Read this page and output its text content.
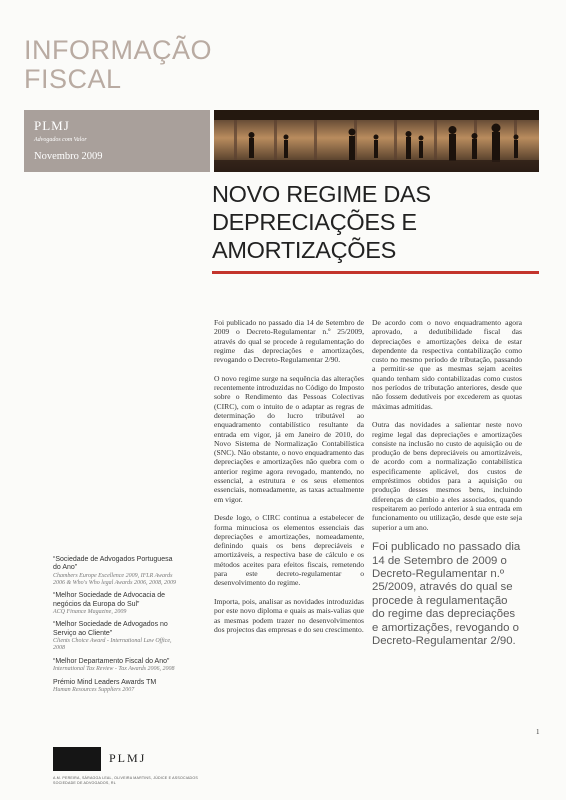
INFORMAÇÃO
FISCAL
PLMJ
Advogados com Valor
Novembro 2009
NOVO REGIME DAS
DEPRECIAÇÕES E
AMORTIZAÇÕES

Foi publicado no passado dia 14 de Setembro de 2009 o Decreto-Regulamentar n.º 25/2009, através do qual se procede à regulamentação do regime das depreciações e amortizações, revogando o Decreto-Regulamentar 2/90.

O novo regime surge na sequência das alterações recentemente introduzidas no Código do Imposto sobre o Rendimento das Pessoas Colectivas (CIRC), com o intuito de o adaptar as regras de determinação do lucro tributável ao enquadramento contabilístico resultante da entrada em vigor, já em Janeiro de 2010, do Novo Sistema de Normalização Contabilística (SNC). Não obstante, o novo enquadramento das depreciações e amortizações não quebra com o anterior regime agora revogado, mantendo, no essencial, a estrutura e os seus elementos essenciais, nomeadamente, as taxas actualmente em vigor.

Desde logo, o CIRC continua a estabelecer de forma minuciosa os elementos essenciais das depreciações e amortizações, nomeadamente, definindo quais os bens depreciáveis e amortizáveis, a respectiva base de cálculo e os métodos aceites para efeitos fiscais, remetendo para este decreto-regulamentar o desenvolvimento do regime.

Importa, pois, analisar as novidades introduzidas por este novo diploma e quais as mais-valias que as mesmas podem trazer no desenvolvimentos dos projectos das empresas e do seu crescimento.

De acordo com o novo enquadramento agora aprovado, a dedutibilidade fiscal das depreciações e amortizações deixa de estar dependente da respectiva contabilização como custo no mesmo período de tributação, passando a permitir-se que as mesmas sejam aceites quando tenham sido contabilizadas como custos nos períodos de tributação anteriores, desde que não fossem dedutíveis por excederem as quotas máximas admitidas.

Outra das novidades a salientar neste novo regime legal das depreciações e amortizações consiste na inclusão no custo de aquisição ou de produção de bens depreciáveis ou amortizáveis, de acordo com a normalização contabilística especificamente aplicável, dos custos de empréstimos obtidos para a aquisição ou produção desses mesmos bens, incluindo diferenças de câmbio a eles associados, quando respeitarem ao período anterior à sua entrada em funcionamento ou utilização, desde que este seja superior a um ano.

Foi publicado no passado dia 14 de Setembro de 2009 o Decreto-Regulamentar n.º 25/2009, através do qual se procede à regulamentação do regime das depreciações e amortizações, revogando o Decreto-Regulamentar 2/90.

“Sociedade de Advogados Portuguesa do Ano”
Chambers Europe Excellence 2009, IFLR Awards 2006 & Who's Who legal Awards 2006, 2008, 2009
“Melhor Sociedade de Advocacia de negócios da Europa do Sul”
ACQ Finance Magazine, 2009
“Melhor Sociedade de Advogados no Serviço ao Cliente”
Clients Choice Award - International Law Office, 2008
“Melhor Departamento Fiscal do Ano”
International Tax Review - Tax Awards 2006, 2008
Prémio Mind Leaders Awards TM
Human Resources Suppliers 2007
PLMJ
A.M. PEREIRA, SÁRAGGA LEAL, OLIVEIRA MARTINS, JÚDICE E ASSOCIADOS
SOCIEDADE DE ADVOGADOS, RL
1
